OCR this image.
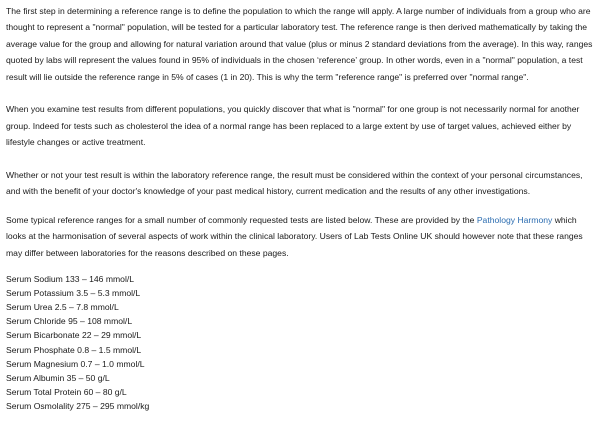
The first step in determining a reference range is to define the population to which the range will apply. A large number of individuals from a group who are thought to represent a "normal" population, will be tested for a particular laboratory test. The reference range is then derived mathematically by taking the average value for the group and allowing for natural variation around that value (plus or minus 2 standard deviations from the average). In this way, ranges quoted by labs will represent the values found in 95% of individuals in the chosen ‘reference’ group. In other words, even in a "normal" population, a test result will lie outside the reference range in 5% of cases (1 in 20). This is why the term "reference range" is preferred over "normal range".

When you examine test results from different populations, you quickly discover that what is "normal" for one group is not necessarily normal for another group. Indeed for tests such as cholesterol the idea of a normal range has been replaced to a large extent by use of target values, achieved either by lifestyle changes or active treatment.

Whether or not your test result is within the laboratory reference range, the result must be considered within the context of your personal circumstances, and with the benefit of your doctor's knowledge of your past medical history, current medication and the results of any other investigations.

Some typical reference ranges for a small number of commonly requested tests are listed below. These are provided by the Pathology Harmony which looks at the harmonisation of several aspects of work within the clinical laboratory. Users of Lab Tests Online UK should however note that these ranges may differ between laboratories for the reasons described on these pages.

Serum Sodium 133 – 146 mmol/L
Serum Potassium 3.5 – 5.3 mmol/L
Serum Urea 2.5 – 7.8 mmol/L
Serum Chloride 95 – 108 mmol/L
Serum Bicarbonate 22 – 29 mmol/L
Serum Phosphate 0.8 – 1.5 mmol/L
Serum Magnesium 0.7 – 1.0 mmol/L
Serum Albumin 35 – 50 g/L
Serum Total Protein 60 – 80 g/L
Serum Osmolality 275 – 295 mmol/kg
